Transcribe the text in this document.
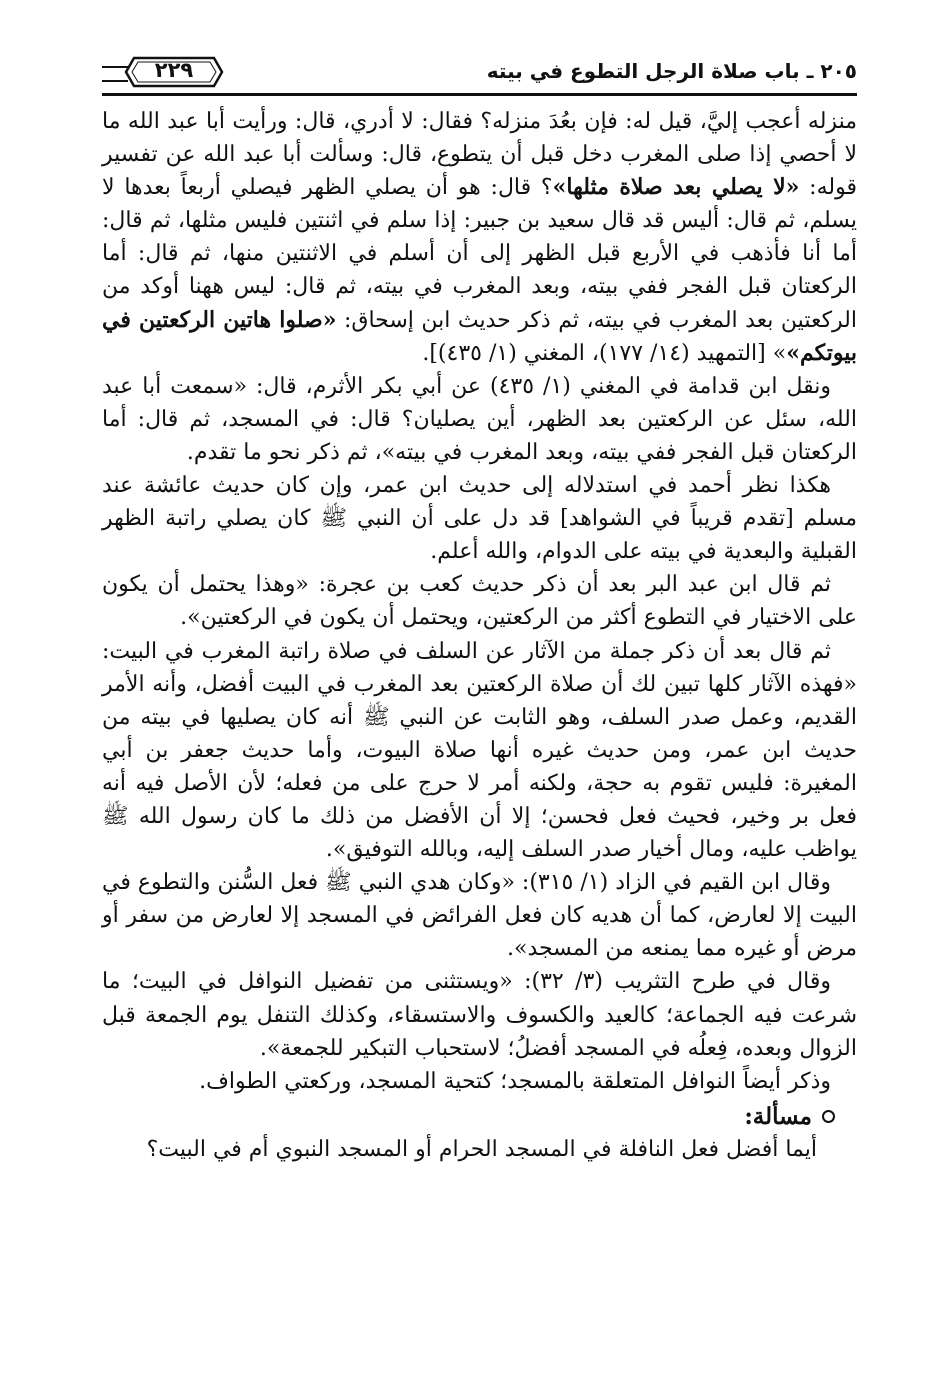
٢٠٥ ـ باب صلاة الرجل التطوع في بيته
٢٢٩

منزله أعجب إليَّ، قيل له: فإن بعُدَ منزله؟ فقال: لا أدري، قال: ورأيت أبا عبد الله ما لا أحصي إذا صلى المغرب دخل قبل أن يتطوع، قال: وسألت أبا عبد الله عن تفسير قوله: «لا يصلي بعد صلاة مثلها»؟ قال: هو أن يصلي الظهر فيصلي أربعاً بعدها لا يسلم، ثم قال: أليس قد قال سعيد بن جبير: إذا سلم في اثنتين فليس مثلها، ثم قال: أما أنا فأذهب في الأربع قبل الظهر إلى أن أسلم في الاثنتين منها، ثم قال: أما الركعتان قبل الفجر ففي بيته، وبعد المغرب في بيته، ثم قال: ليس ههنا أوكد من الركعتين بعد المغرب في بيته، ثم ذكر حديث ابن إسحاق: «صلوا هاتين الركعتين في بيوتكم»» [التمهيد (١٤/ ١٧٧)، المغني (١/ ٤٣٥)].

ونقل ابن قدامة في المغني (١/ ٤٣٥) عن أبي بكر الأثرم، قال: «سمعت أبا عبد الله، سئل عن الركعتين بعد الظهر، أين يصليان؟ قال: في المسجد، ثم قال: أما الركعتان قبل الفجر ففي بيته، وبعد المغرب في بيته»، ثم ذكر نحو ما تقدم.

هكذا نظر أحمد في استدلاله إلى حديث ابن عمر، وإن كان حديث عائشة عند مسلم [تقدم قريباً في الشواهد] قد دل على أن النبي ﷺ كان يصلي راتبة الظهر القبلية والبعدية في بيته على الدوام، والله أعلم.

ثم قال ابن عبد البر بعد أن ذكر حديث كعب بن عجرة: «وهذا يحتمل أن يكون على الاختيار في التطوع أكثر من الركعتين، ويحتمل أن يكون في الركعتين».

ثم قال بعد أن ذكر جملة من الآثار عن السلف في صلاة راتبة المغرب في البيت: «فهذه الآثار كلها تبين لك أن صلاة الركعتين بعد المغرب في البيت أفضل، وأنه الأمر القديم، وعمل صدر السلف، وهو الثابت عن النبي ﷺ أنه كان يصليها في بيته من حديث ابن عمر، ومن حديث غيره أنها صلاة البيوت، وأما حديث جعفر بن أبي المغيرة: فليس تقوم به حجة، ولكنه أمر لا حرج على من فعله؛ لأن الأصل فيه أنه فعل بر وخير، فحيث فعل فحسن؛ إلا أن الأفضل من ذلك ما كان رسول الله ﷺ يواظب عليه، ومال أخيار صدر السلف إليه، وبالله التوفيق».

وقال ابن القيم في الزاد (١/ ٣١٥): «وكان هدي النبي ﷺ فعل السُّنن والتطوع في البيت إلا لعارض، كما أن هديه كان فعل الفرائض في المسجد إلا لعارض من سفر أو مرض أو غيره مما يمنعه من المسجد».

وقال في طرح التثريب (٣/ ٣٢): «ويستثنى من تفضيل النوافل في البيت؛ ما شرعت فيه الجماعة؛ كالعيد والكسوف والاستسقاء، وكذلك التنفل يوم الجمعة قبل الزوال وبعده، فِعلُه في المسجد أفضلُ؛ لاستحباب التبكير للجمعة».

وذكر أيضاً النوافل المتعلقة بالمسجد؛ كتحية المسجد، وركعتي الطواف.

مسألة:

أيما أفضل فعل النافلة في المسجد الحرام أو المسجد النبوي أم في البيت؟
